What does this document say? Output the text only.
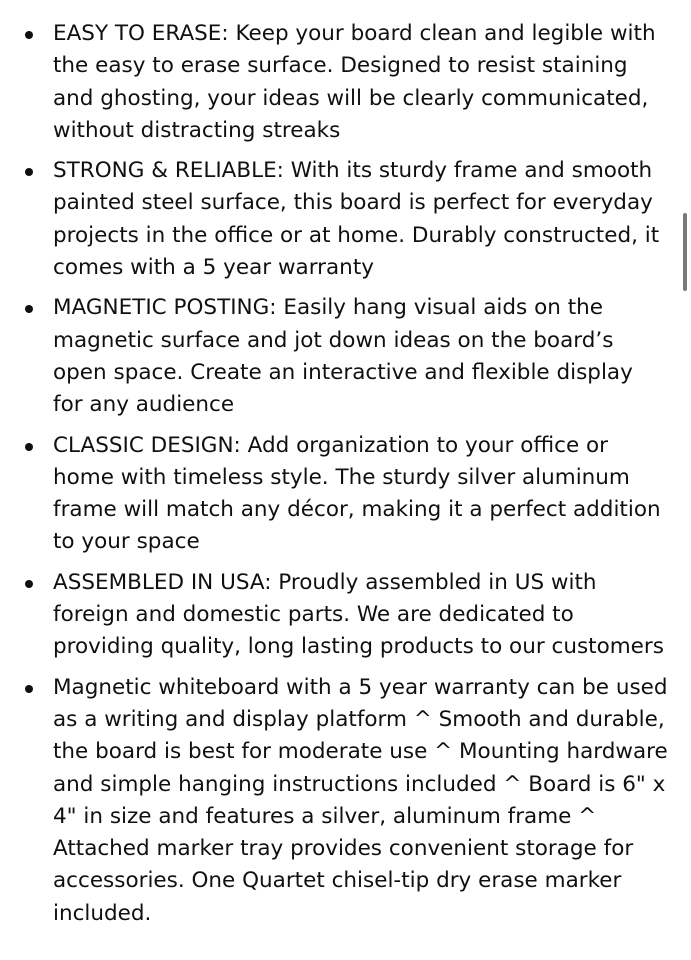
EASY TO ERASE: Keep your board clean and legible with the easy to erase surface. Designed to resist staining and ghosting, your ideas will be clearly communicated, without distracting streaks
STRONG & RELIABLE: With its sturdy frame and smooth painted steel surface, this board is perfect for everyday projects in the office or at home. Durably constructed, it comes with a 5 year warranty
MAGNETIC POSTING: Easily hang visual aids on the magnetic surface and jot down ideas on the board’s open space. Create an interactive and flexible display for any audience
CLASSIC DESIGN: Add organization to your office or home with timeless style. The sturdy silver aluminum frame will match any décor, making it a perfect addition to your space
ASSEMBLED IN USA: Proudly assembled in US with foreign and domestic parts. We are dedicated to providing quality, long lasting products to our customers
Magnetic whiteboard with a 5 year warranty can be used as a writing and display platform ^ Smooth and durable, the board is best for moderate use ^ Mounting hardware and simple hanging instructions included ^ Board is 6" x 4" in size and features a silver, aluminum frame ^ Attached marker tray provides convenient storage for accessories. One Quartet chisel-tip dry erase marker included.
